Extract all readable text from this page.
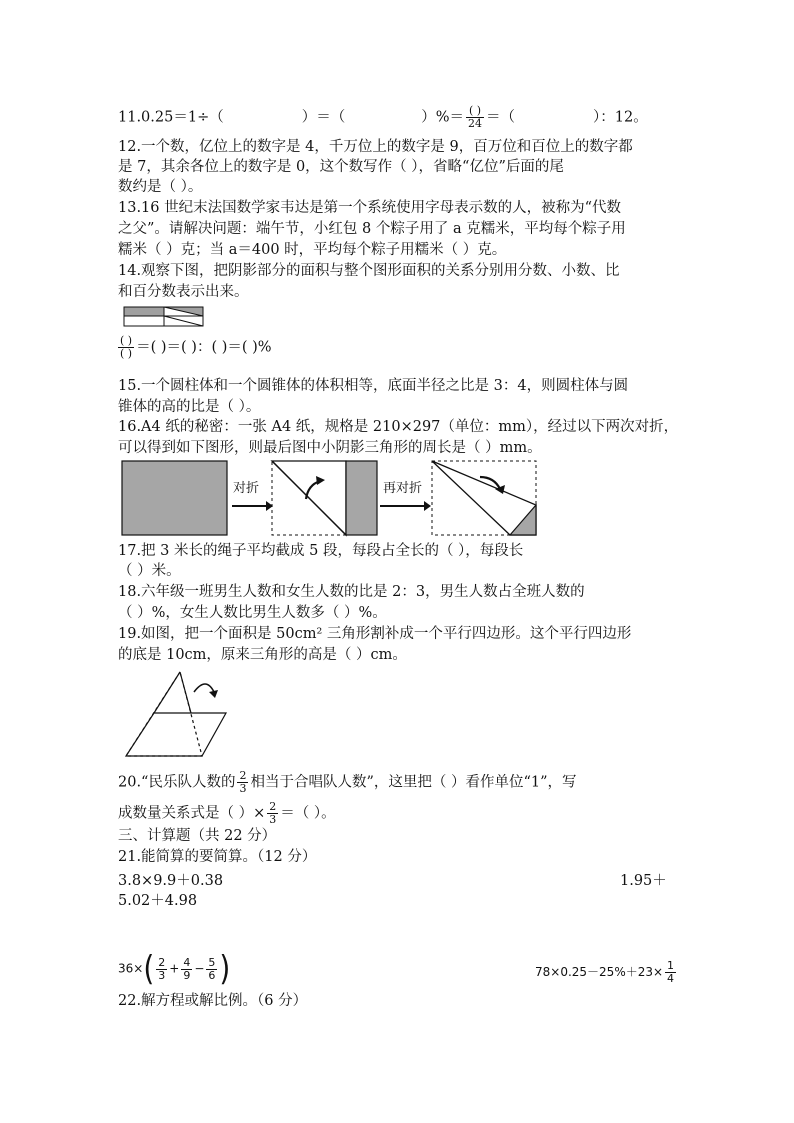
11.0.25＝1÷（	）＝（	）%＝ $\frac{( )}{24}$ ＝（	）：12。
12.一个数，亿位上的数字是 4，千万位上的数字是 9，百万位和百位上的数字都
是 7，其余各位上的数字是 0，这个数写作（ ），省略“亿位”后面的尾
数约是（ ）。
13.16 世纪末法国数学家韦达是第一个系统使用字母表示数的人，被称为“代数
之父”。请解决问题：端午节，小红包 8 个粽子用了 a 克糯米，平均每个粽子用
糯米（ ）克；当 a＝400 时，平均每个粽子用糯米（ ）克。
14.观察下图，把阴影部分的面积与整个图形面积的关系分别用分数、小数、比
和百分数表示出来。
$\frac{( )}{( )}$ ＝( )＝( )：( )＝( )%
15.一个圆柱体和一个圆锥体的体积相等，底面半径之比是 3：4，则圆柱体与圆
锥体的高的比是（ ）。
16.A4 纸的秘密：一张 A4 纸，规格是 210×297（单位：mm），经过以下两次对折，
可以得到如下图形，则最后图中小阴影三角形的周长是（ ）mm。
对折	再对折
17.把 3 米长的绳子平均截成 5 段，每段占全长的（ ），每段长
（ ）米。
18.六年级一班男生人数和女生人数的比是 2：3，男生人数占全班人数的
（ ）%，女生人数比男生人数多（ ）%。
19.如图，把一个面积是 50cm² 三角形割补成一个平行四边形。这个平行四边形
的底是 10cm，原来三角形的高是（ ）cm。
20.“民乐队人数的 $\frac{2}{3}$ 相当于合唱队人数”，这里把（ ）看作单位“1”，写
成数量关系式是（ ）× $\frac{2}{3}$ ＝（ ）。
三、计算题（共 22 分）
21.能简算的要简算。（12 分）
3.8×9.9＋0.38	1.95＋
5.02＋4.98
$36\times( \frac{2}{3} + \frac{4}{9} - \frac{5}{6}$ )	$78\times 0.25-25\%+23\times \frac{1}{4}$
22.解方程或解比例。（6 分）
